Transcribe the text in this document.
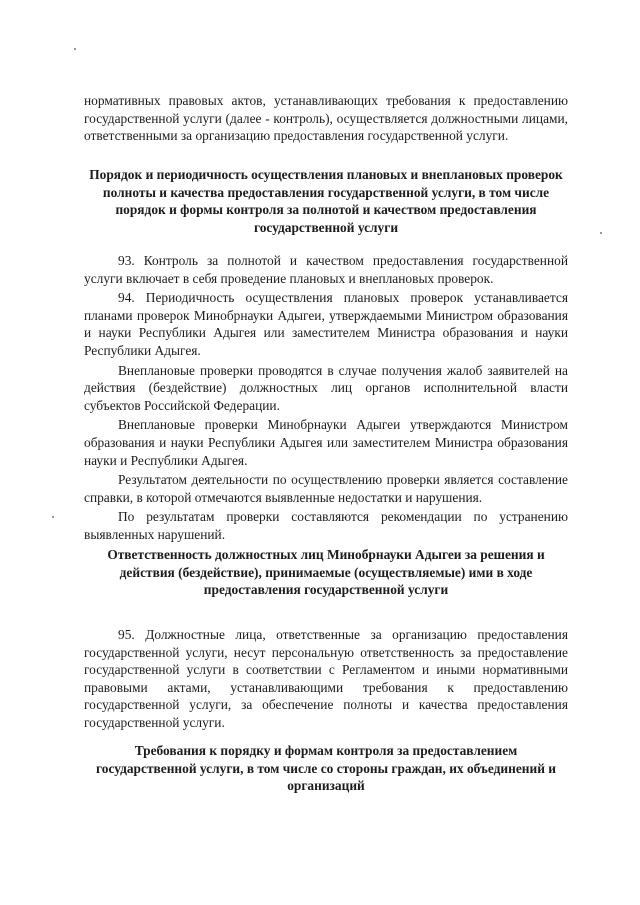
нормативных правовых актов, устанавливающих требования к предоставлению государственной услуги (далее - контроль), осуществляется должностными лицами, ответственными за организацию предоставления государственной услуги.

Порядок и периодичность осуществления плановых и внеплановых проверок полноты и качества предоставления государственной услуги, в том числе порядок и формы контроля за полнотой и качеством предоставления государственной услуги

93. Контроль за полнотой и качеством предоставления государственной услуги включает в себя проведение плановых и внеплановых проверок.

94. Периодичность осуществления плановых проверок устанавливается планами проверок Минобрнауки Адыгеи, утверждаемыми Министром образования и науки Республики Адыгея или заместителем Министра образования и науки Республики Адыгея.

Внеплановые проверки проводятся в случае получения жалоб заявителей на действия (бездействие) должностных лиц органов исполнительной власти субъектов Российской Федерации.

Внеплановые проверки Минобрнауки Адыгеи утверждаются Министром образования и науки Республики Адыгея или заместителем Министра образования науки и Республики Адыгея.

Результатом деятельности по осуществлению проверки является составление справки, в которой отмечаются выявленные недостатки и нарушения.

По результатам проверки составляются рекомендации по устранению выявленных нарушений.

Ответственность должностных лиц Минобрнауки Адыгеи за решения и действия (бездействие), принимаемые (осуществляемые) ими в ходе предоставления государственной услуги

95. Должностные лица, ответственные за организацию предоставления государственной услуги, несут персональную ответственность за предоставление государственной услуги в соответствии с Регламентом и иными нормативными правовыми актами, устанавливающими требования к предоставлению государственной услуги, за обеспечение полноты и качества предоставления государственной услуги.

Требования к порядку и формам контроля за предоставлением государственной услуги, в том числе со стороны граждан, их объединений и организаций
